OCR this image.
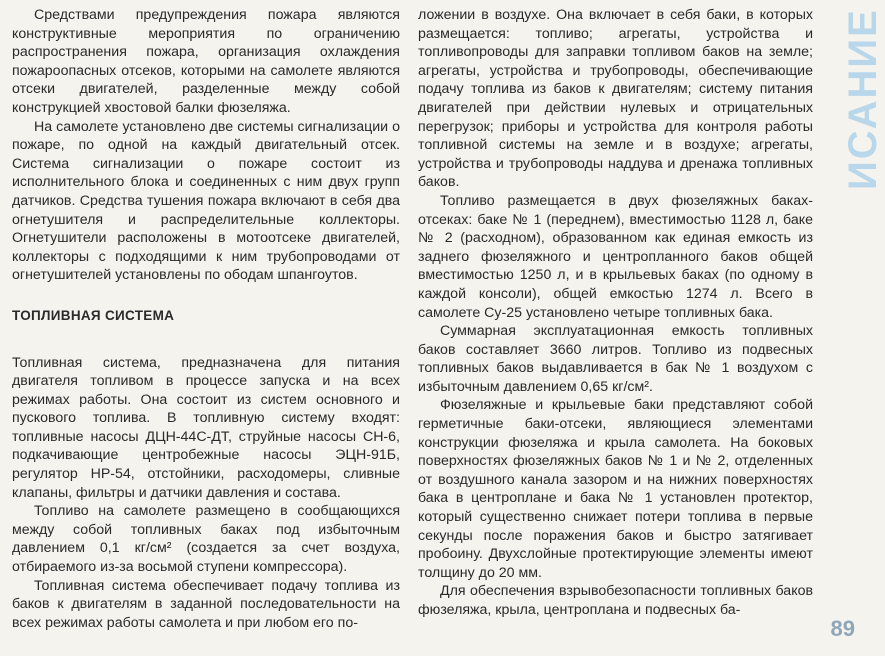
Средствами предупреждения пожара являются конструктивные мероприятия по ограничению распространения пожара, организация охлаждения пожароопасных отсеков, которыми на самолете являются отсеки двигателей, разделенные между собой конструкцией хвостовой балки фюзеляжа.

На самолете установлено две системы сигнализации о пожаре, по одной на каждый двигательный отсек. Система сигнализации о пожаре состоит из исполнительного блока и соединенных с ним двух групп датчиков. Средства тушения пожара включают в себя два огнетушителя и распределительные коллекторы. Огнетушители расположены в мотоотсеке двигателей, коллекторы с подходящими к ним трубопроводами от огнетушителей установлены по ободам шпангоутов.

ТОПЛИВНАЯ СИСТЕМА

Топливная система, предназначена для питания двигателя топливом в процессе запуска и на всех режимах работы. Она состоит из систем основного и пускового топлива. В топливную систему входят: топливные насосы ДЦН-44С-ДТ, струйные насосы СН-6, подкачивающие центробежные насосы ЭЦН-91Б, регулятор НР-54, отстойники, расходомеры, сливные клапаны, фильтры и датчики давления и состава.

Топливо на самолете размещено в сообщающихся между собой топливных баках под избыточным давлением 0,1 кг/см² (создается за счет воздуха, отбираемого из-за восьмой ступени компрессора).

Топливная система обеспечивает подачу топлива из баков к двигателям в заданной последовательности на всех режимах работы самолета и при любом его по-

ложении в воздухе. Она включает в себя баки, в которых размещается: топливо; агрегаты, устройства и топливопроводы для заправки топливом баков на земле; агрегаты, устройства и трубопроводы, обеспечивающие подачу топлива из баков к двигателям; систему питания двигателей при действии нулевых и отрицательных перегрузок; приборы и устройства для контроля работы топливной системы на земле и в воздухе; агрегаты, устройства и трубопроводы наддува и дренажа топливных баков.

Топливо размещается в двух фюзеляжных баках-отсеках: баке № 1 (переднем), вместимостью 1128 л, баке № 2 (расходном), образованном как единая емкость из заднего фюзеляжного и центропланного баков общей вместимостью 1250 л, и в крыльевых баках (по одному в каждой консоли), общей емкостью 1274 л. Всего в самолете Су-25 установлено четыре топливных бака.

Суммарная эксплуатационная емкость топливных баков составляет 3660 литров. Топливо из подвесных топливных баков выдавливается в бак № 1 воздухом с избыточным давлением 0,65 кг/см².

Фюзеляжные и крыльевые баки представляют собой герметичные баки-отсеки, являющиеся элементами конструкции фюзеляжа и крыла самолета. На боковых поверхностях фюзеляжных баков № 1 и № 2, отделенных от воздушного канала зазором и на нижних поверхностях бака в центроплане и бака № 1 установлен протектор, который существенно снижает потери топлива в первые секунды после поражения баков и быстро затягивает пробоину. Двухслойные протектирующие элементы имеют толщину до 20 мм.

Для обеспечения взрывобезопасности топливных баков фюзеляжа, крыла, центроплана и подвесных ба-

ИСАНИЕ
89
